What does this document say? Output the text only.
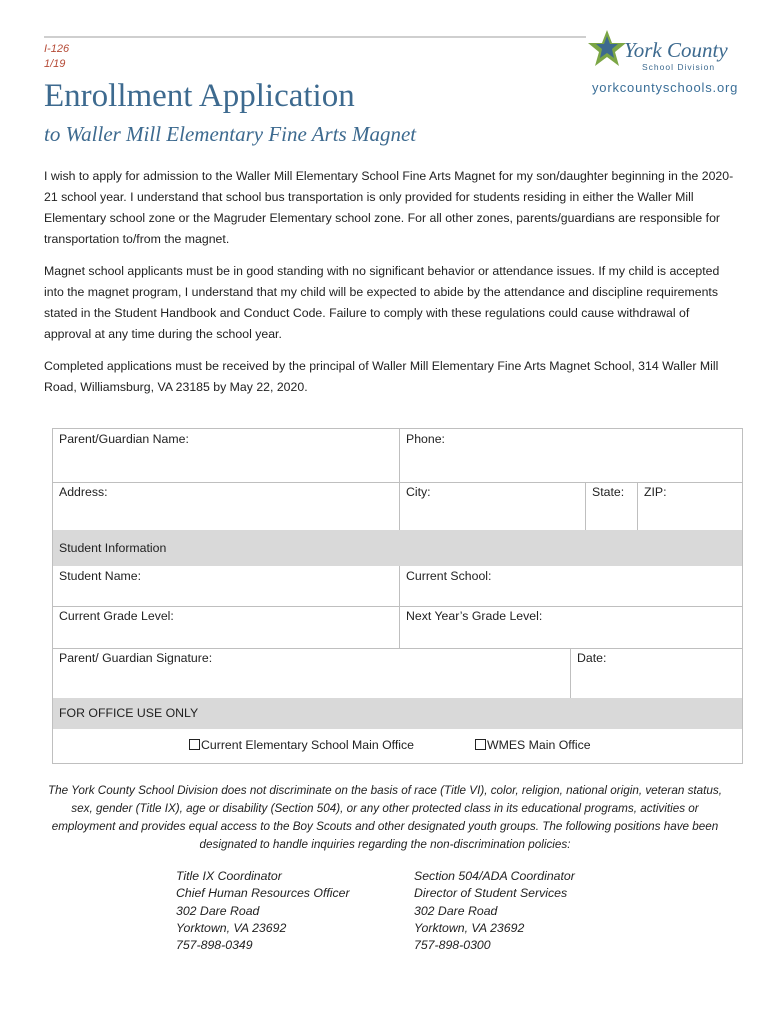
I-126
1/19
York County
School Division
yorkcountyschools.org
Enrollment Application
to Waller Mill Elementary Fine Arts Magnet

I wish to apply for admission to the Waller Mill Elementary School Fine Arts Magnet for my son/daughter beginning in the 2020-21 school year. I understand that school bus transportation is only provided for students residing in either the Waller Mill Elementary school zone or the Magruder Elementary school zone. For all other zones, parents/guardians are responsible for transportation to/from the magnet.

Magnet school applicants must be in good standing with no significant behavior or attendance issues. If my child is accepted into the magnet program, I understand that my child will be expected to abide by the attendance and discipline requirements stated in the Student Handbook and Conduct Code. Failure to comply with these regulations could cause withdrawal of approval at any time during the school year.

Completed applications must be received by the principal of Waller Mill Elementary Fine Arts Magnet School, 314 Waller Mill Road, Williamsburg, VA 23185 by May 22, 2020.

Parent/Guardian Name:	Phone:
Address:	City:	State:	ZIP:
Student Information
Student Name:	Current School:
Current Grade Level:	Next Year’s Grade Level:
Parent/ Guardian Signature:	Date:
FOR OFFICE USE ONLY
Current Elementary School Main Office	WMES Main Office
The York County School Division does not discriminate on the basis of race (Title VI), color, religion, national origin, veteran status, sex, gender (Title IX), age or disability (Section 504), or any other protected class in its educational programs, activities or employment and provides equal access to the Boy Scouts and other designated youth groups. The following positions have been designated to handle inquiries regarding the non-discrimination policies:
Title IX Coordinator
Chief Human Resources Officer
302 Dare Road
Yorktown, VA 23692
757-898-0349
Section 504/ADA Coordinator
Director of Student Services
302 Dare Road
Yorktown, VA 23692
757-898-0300
